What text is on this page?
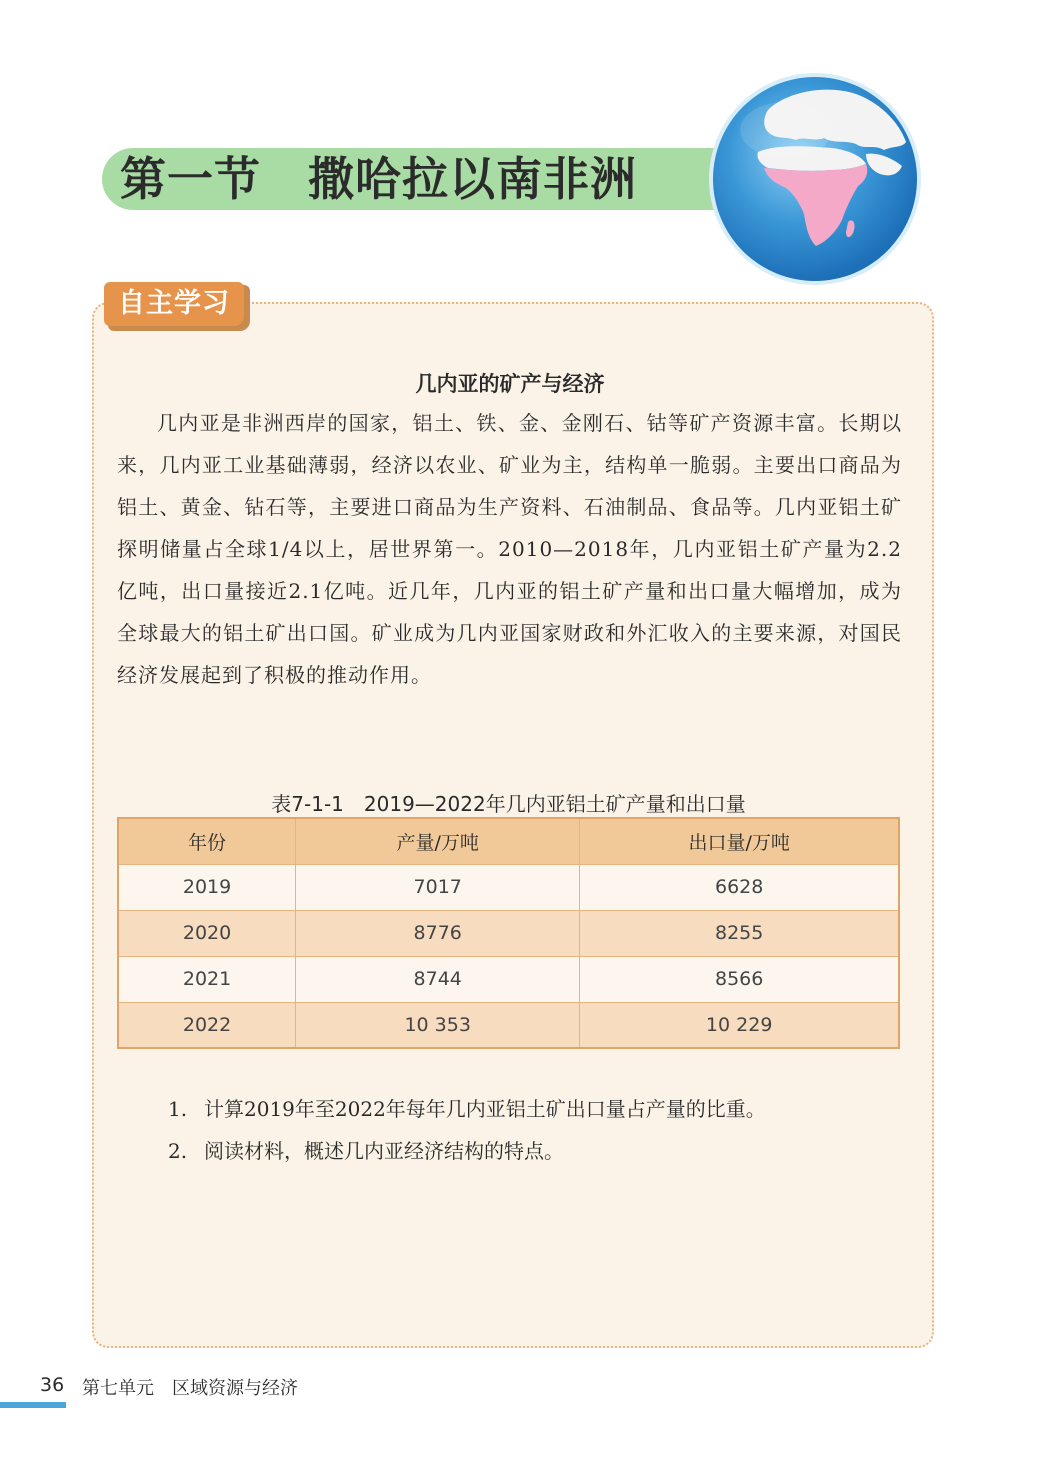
第一节　撒哈拉以南非洲
自主学习
几内亚的矿产与经济

几内亚是非洲西岸的国家，铝土、铁、金、金刚石、钴等矿产资源丰富。长期以来，几内亚工业基础薄弱，经济以农业、矿业为主，结构单一脆弱。主要出口商品为铝土、黄金、钻石等，主要进口商品为生产资料、石油制品、食品等。几内亚铝土矿探明储量占全球1/4以上，居世界第一。2010—2018年，几内亚铝土矿产量为2.2亿吨，出口量接近2.1亿吨。近几年，几内亚的铝土矿产量和出口量大幅增加，成为全球最大的铝土矿出口国。矿业成为几内亚国家财政和外汇收入的主要来源，对国民经济发展起到了积极的推动作用。

表7-1-1　2019—2022年几内亚铝土矿产量和出口量
年份	产量/万吨	出口量/万吨
2019	7017	6628
2020	8776	8255
2021	8744	8566
2022	10 353	10 229
1. 计算2019年至2022年每年几内亚铝土矿出口量占产量的比重。
2. 阅读材料，概述几内亚经济结构的特点。
36 第七单元　区域资源与经济
